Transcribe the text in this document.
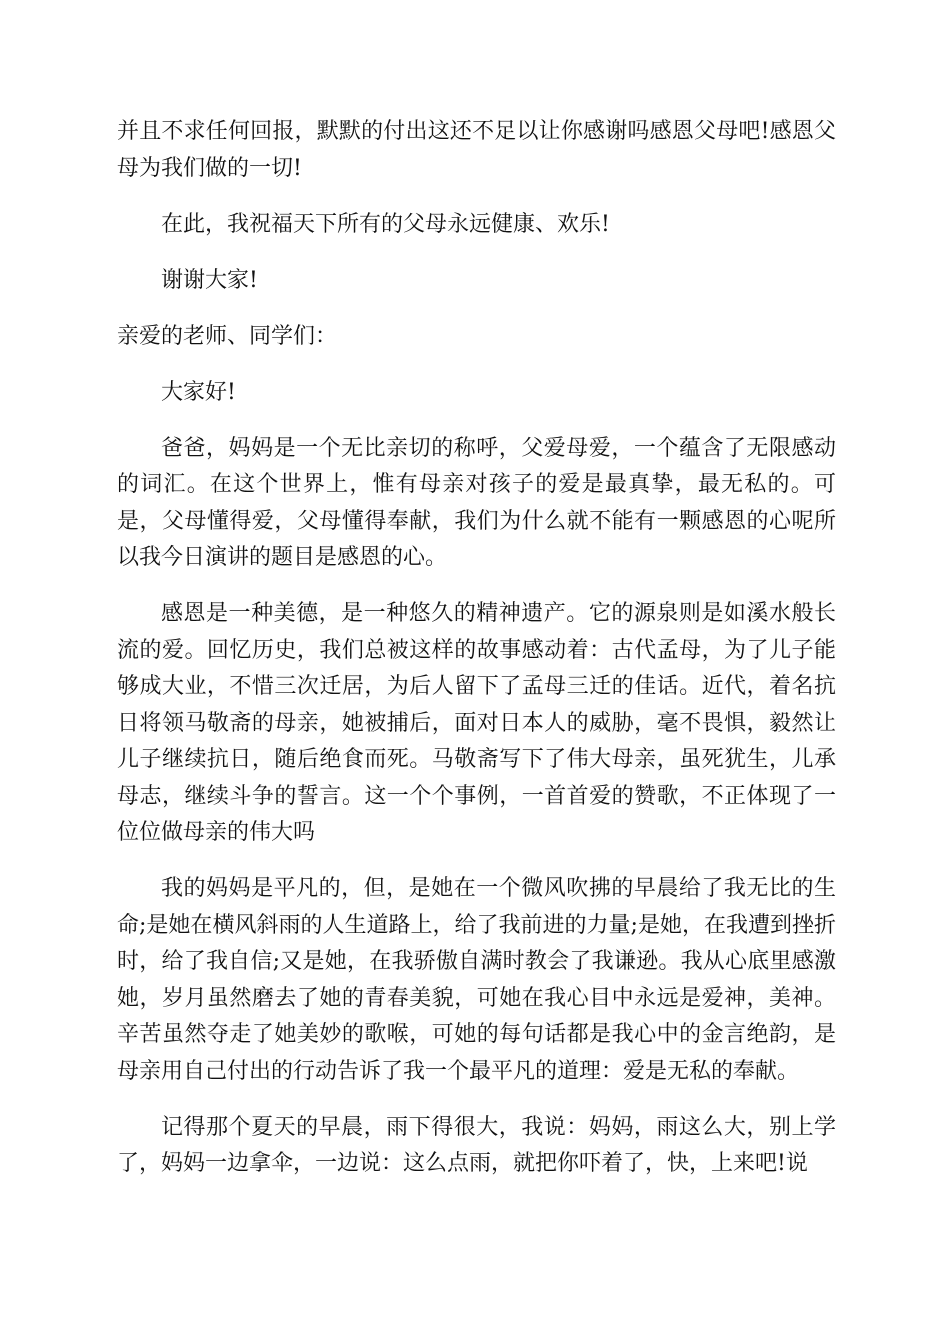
并且不求任何回报，默默的付出这还不足以让你感谢吗感恩父母吧!感恩父母为我们做的一切!

在此，我祝福天下所有的父母永远健康、欢乐!

谢谢大家!

亲爱的老师、同学们：

大家好!

爸爸，妈妈是一个无比亲切的称呼，父爱母爱，一个蕴含了无限感动的词汇。在这个世界上，惟有母亲对孩子的爱是最真挚，最无私的。可是，父母懂得爱，父母懂得奉献，我们为什么就不能有一颗感恩的心呢所以我今日演讲的题目是感恩的心。

感恩是一种美德，是一种悠久的精神遗产。它的源泉则是如溪水般长流的爱。回忆历史，我们总被这样的故事感动着：古代孟母，为了儿子能够成大业，不惜三次迁居，为后人留下了孟母三迁的佳话。近代，着名抗日将领马敬斋的母亲，她被捕后，面对日本人的威胁，毫不畏惧，毅然让儿子继续抗日，随后绝食而死。马敬斋写下了伟大母亲，虽死犹生，儿承母志，继续斗争的誓言。这一个个事例，一首首爱的赞歌，不正体现了一位位做母亲的伟大吗

我的妈妈是平凡的，但，是她在一个微风吹拂的早晨给了我无比的生命;是她在横风斜雨的人生道路上，给了我前进的力量;是她，在我遭到挫折时，给了我自信;又是她，在我骄傲自满时教会了我谦逊。我从心底里感激她，岁月虽然磨去了她的青春美貌，可她在我心目中永远是爱神，美神。辛苦虽然夺走了她美妙的歌喉，可她的每句话都是我心中的金言绝韵，是母亲用自己付出的行动告诉了我一个最平凡的道理：爱是无私的奉献。

记得那个夏天的早晨，雨下得很大，我说：妈妈，雨这么大，别上学了，妈妈一边拿伞，一边说：这么点雨，就把你吓着了，快，上来吧!说
